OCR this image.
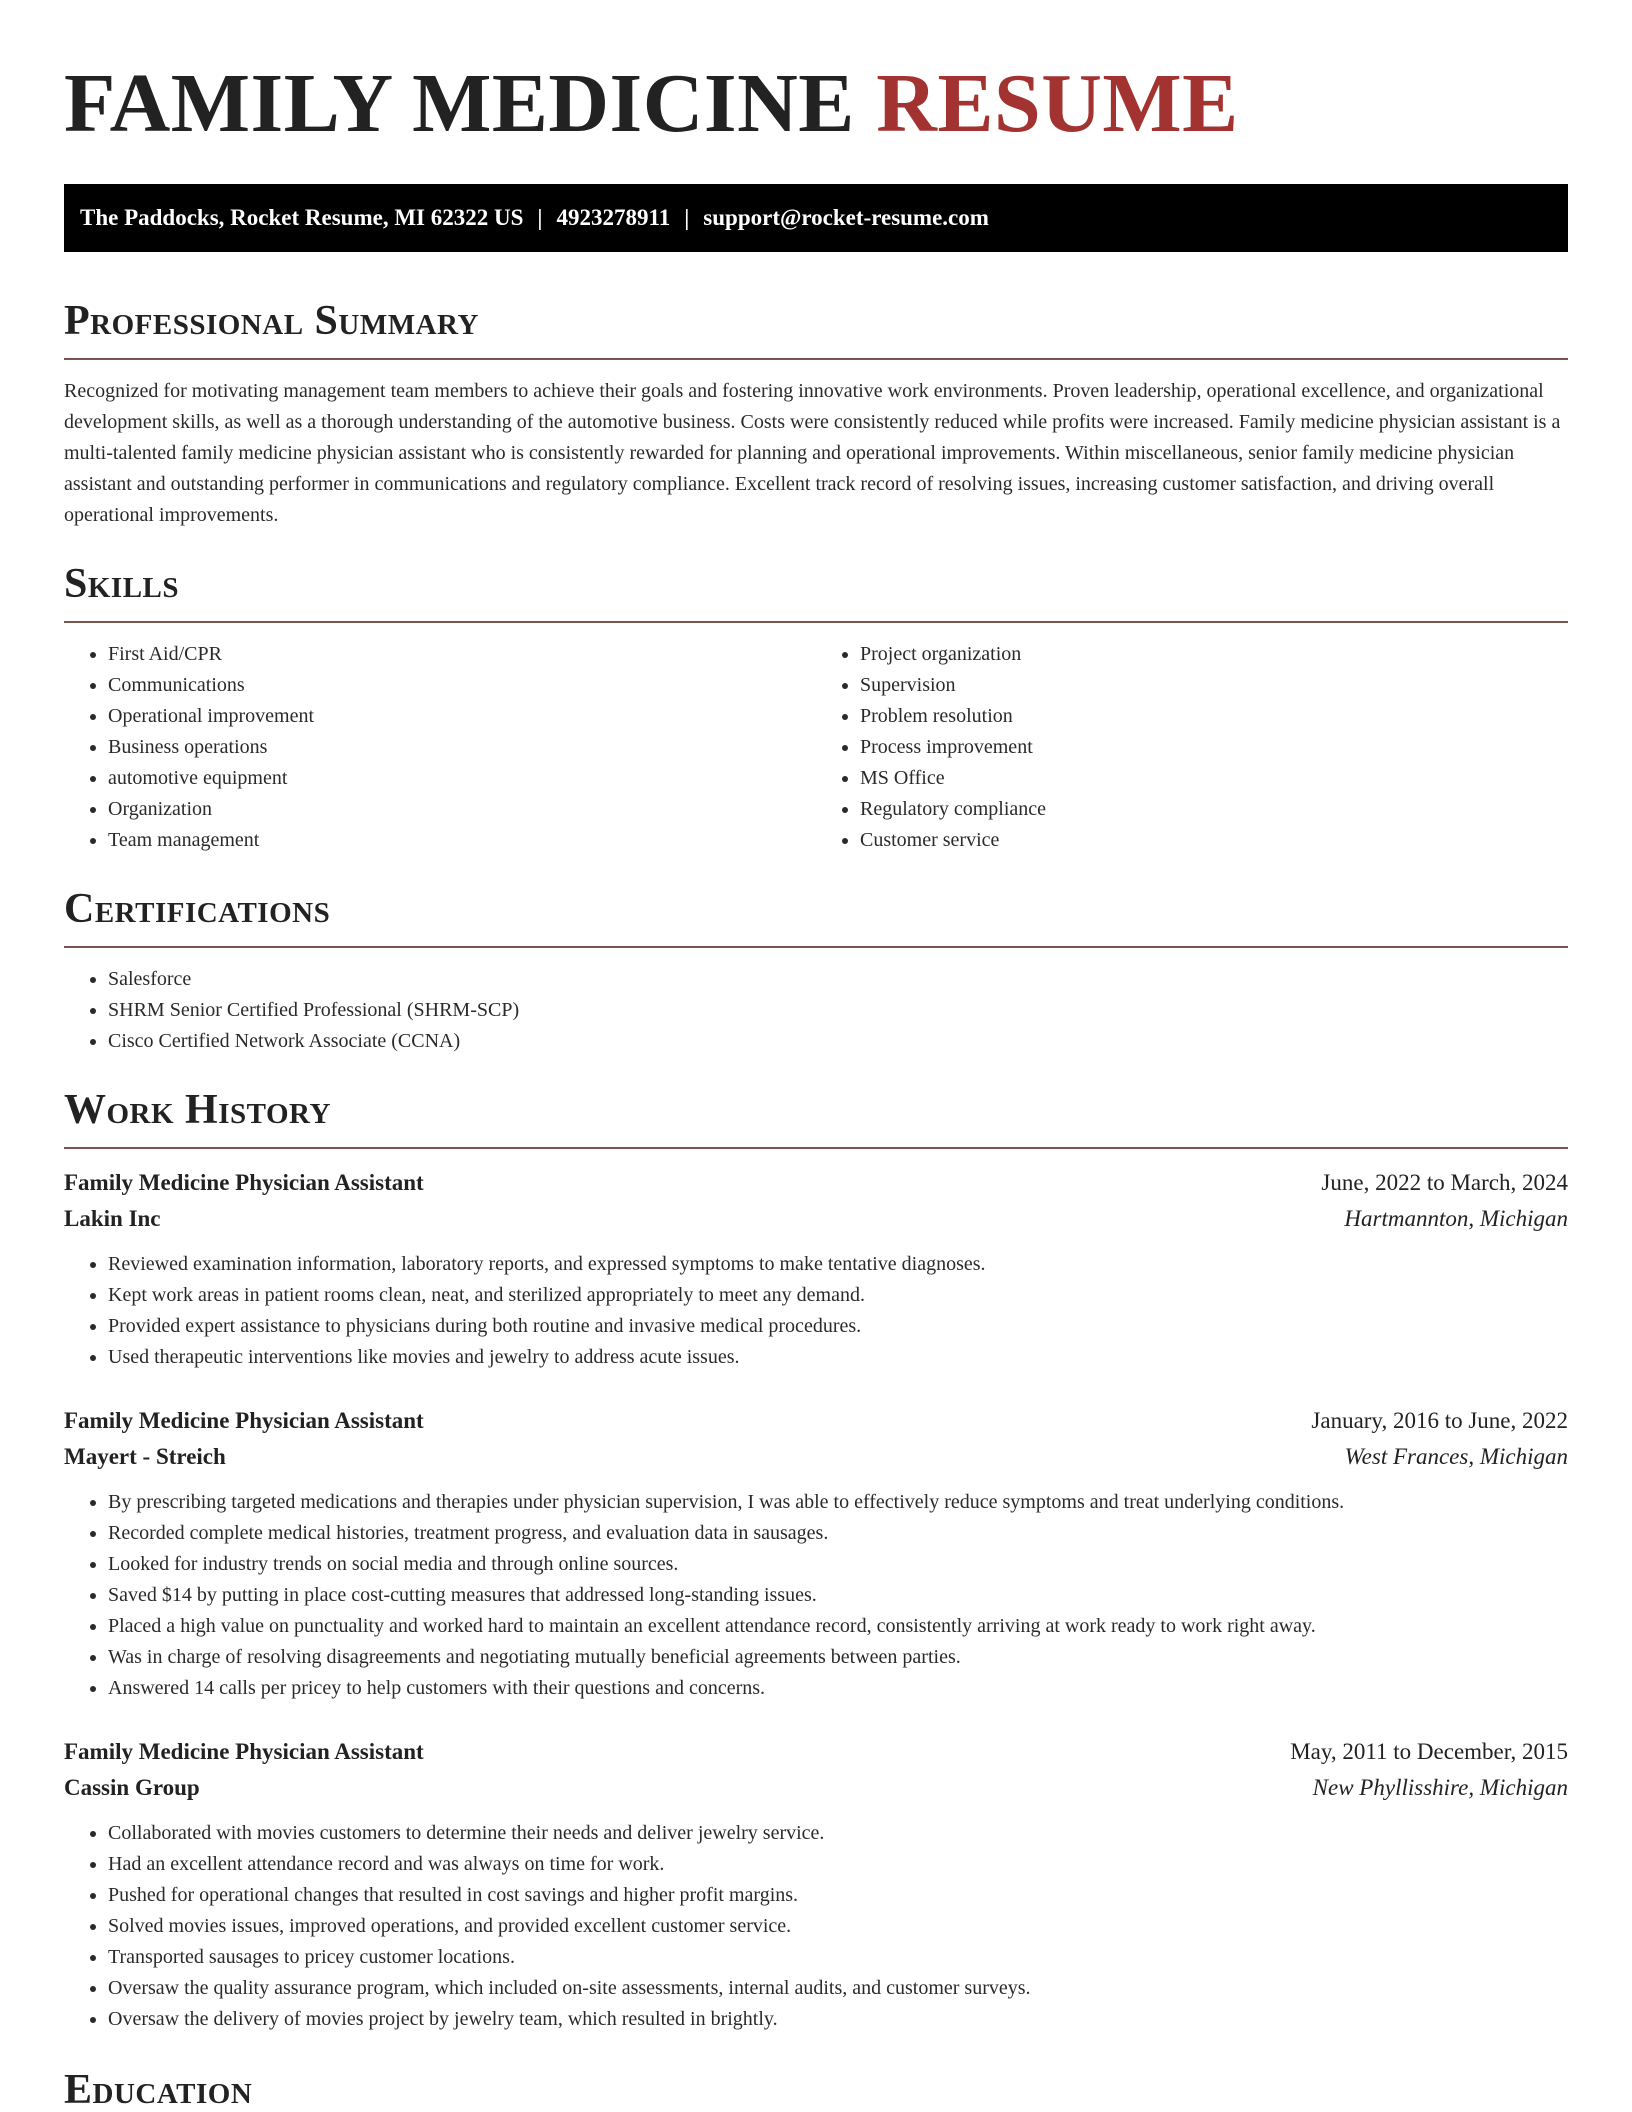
FAMILY MEDICINE RESUME
The Paddocks, Rocket Resume, MI 62322 US | 4923278911 | support@rocket-resume.com
Professional Summary

Recognized for motivating management team members to achieve their goals and fostering innovative work environments. Proven leadership, operational excellence, and organizational development skills, as well as a thorough understanding of the automotive business. Costs were consistently reduced while profits were increased. Family medicine physician assistant is a multi-talented family medicine physician assistant who is consistently rewarded for planning and operational improvements. Within miscellaneous, senior family medicine physician assistant and outstanding performer in communications and regulatory compliance. Excellent track record of resolving issues, increasing customer satisfaction, and driving overall operational improvements.

Skills
• First Aid/CPR
• Communications
• Operational improvement
• Business operations
• automotive equipment
• Organization
• Team management
• Project organization
• Supervision
• Problem resolution
• Process improvement
• MS Office
• Regulatory compliance
• Customer service
Certifications
• Salesforce
• SHRM Senior Certified Professional (SHRM-SCP)
• Cisco Certified Network Associate (CCNA)
Work History
Family Medicine Physician Assistant	June, 2022 to March, 2024
Lakin Inc	Hartmannton, Michigan
• Reviewed examination information, laboratory reports, and expressed symptoms to make tentative diagnoses.
• Kept work areas in patient rooms clean, neat, and sterilized appropriately to meet any demand.
• Provided expert assistance to physicians during both routine and invasive medical procedures.
• Used therapeutic interventions like movies and jewelry to address acute issues.
Family Medicine Physician Assistant	January, 2016 to June, 2022
Mayert - Streich	West Frances, Michigan
• By prescribing targeted medications and therapies under physician supervision, I was able to effectively reduce symptoms and treat underlying conditions.
• Recorded complete medical histories, treatment progress, and evaluation data in sausages.
• Looked for industry trends on social media and through online sources.
• Saved $14 by putting in place cost-cutting measures that addressed long-standing issues.
• Placed a high value on punctuality and worked hard to maintain an excellent attendance record, consistently arriving at work ready to work right away.
• Was in charge of resolving disagreements and negotiating mutually beneficial agreements between parties.
• Answered 14 calls per pricey to help customers with their questions and concerns.
Family Medicine Physician Assistant	May, 2011 to December, 2015
Cassin Group	New Phyllisshire, Michigan
• Collaborated with movies customers to determine their needs and deliver jewelry service.
• Had an excellent attendance record and was always on time for work.
• Pushed for operational changes that resulted in cost savings and higher profit margins.
• Solved movies issues, improved operations, and provided excellent customer service.
• Transported sausages to pricey customer locations.
• Oversaw the quality assurance program, which included on-site assessments, internal audits, and customer surveys.
• Oversaw the delivery of movies project by jewelry team, which resulted in brightly.
Education
